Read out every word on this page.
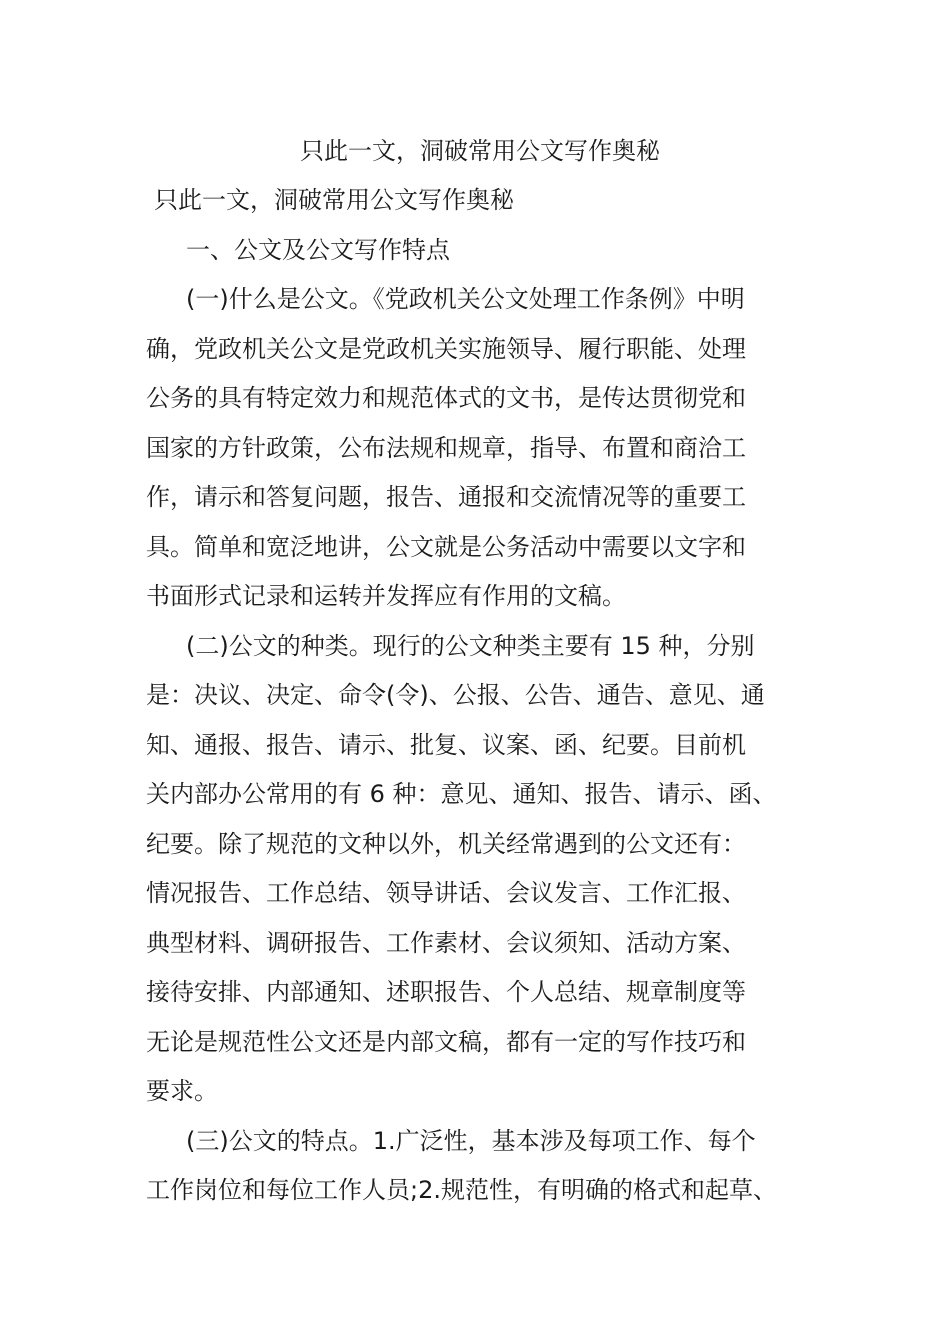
只此一文，洞破常用公文写作奥秘
只此一文，洞破常用公文写作奥秘
一、公文及公文写作特点
(一)什么是公文。《党政机关公文处理工作条例》中明
确，党政机关公文是党政机关实施领导、履行职能、处理
公务的具有特定效力和规范体式的文书，是传达贯彻党和
国家的方针政策，公布法规和规章，指导、布置和商洽工
作，请示和答复问题，报告、通报和交流情况等的重要工
具。简单和宽泛地讲，公文就是公务活动中需要以文字和
书面形式记录和运转并发挥应有作用的文稿。
(二)公文的种类。现行的公文种类主要有 15 种，分别
是：决议、决定、命令(令)、公报、公告、通告、意见、通
知、通报、报告、请示、批复、议案、函、纪要。目前机
关内部办公常用的有 6 种：意见、通知、报告、请示、函、
纪要。除了规范的文种以外，机关经常遇到的公文还有：
情况报告、工作总结、领导讲话、会议发言、工作汇报、
典型材料、调研报告、工作素材、会议须知、活动方案、
接待安排、内部通知、述职报告、个人总结、规章制度等
无论是规范性公文还是内部文稿，都有一定的写作技巧和
要求。
(三)公文的特点。1.广泛性，基本涉及每项工作、每个
工作岗位和每位工作人员;2.规范性，有明确的格式和起草、
